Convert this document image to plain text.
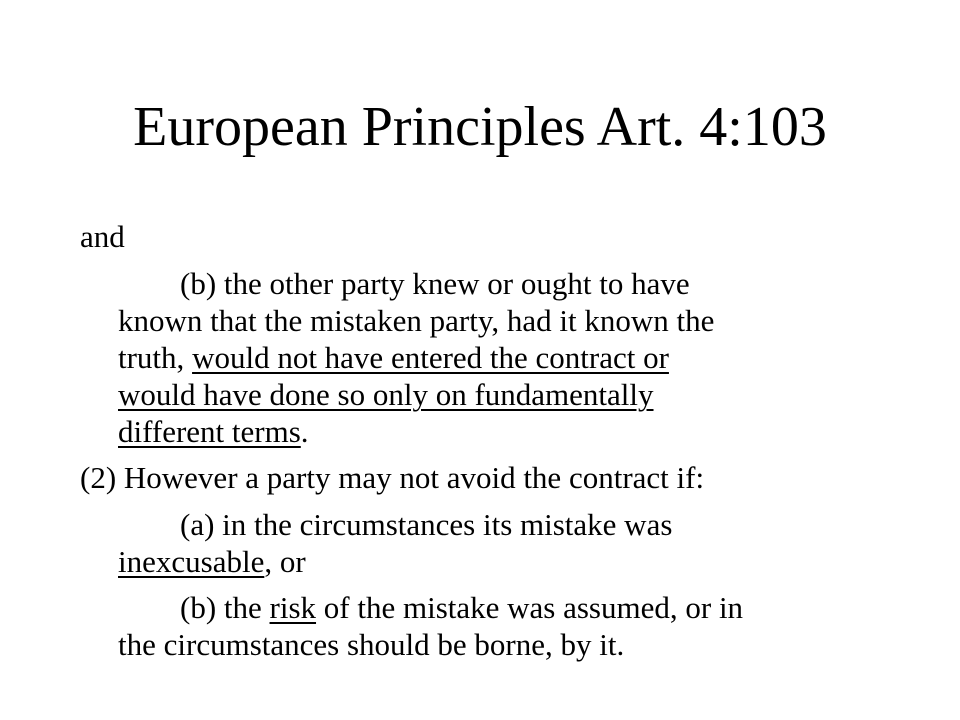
European Principles Art. 4:103
and
(b) the other party knew or ought to have
known that the mistaken party, had it known the
truth, would not have entered the contract or
would have done so only on fundamentally
different terms.
(2) However a party may not avoid the contract if:
(a) in the circumstances its mistake was
inexcusable, or
(b) the risk of the mistake was assumed, or in
the circumstances should be borne, by it.
